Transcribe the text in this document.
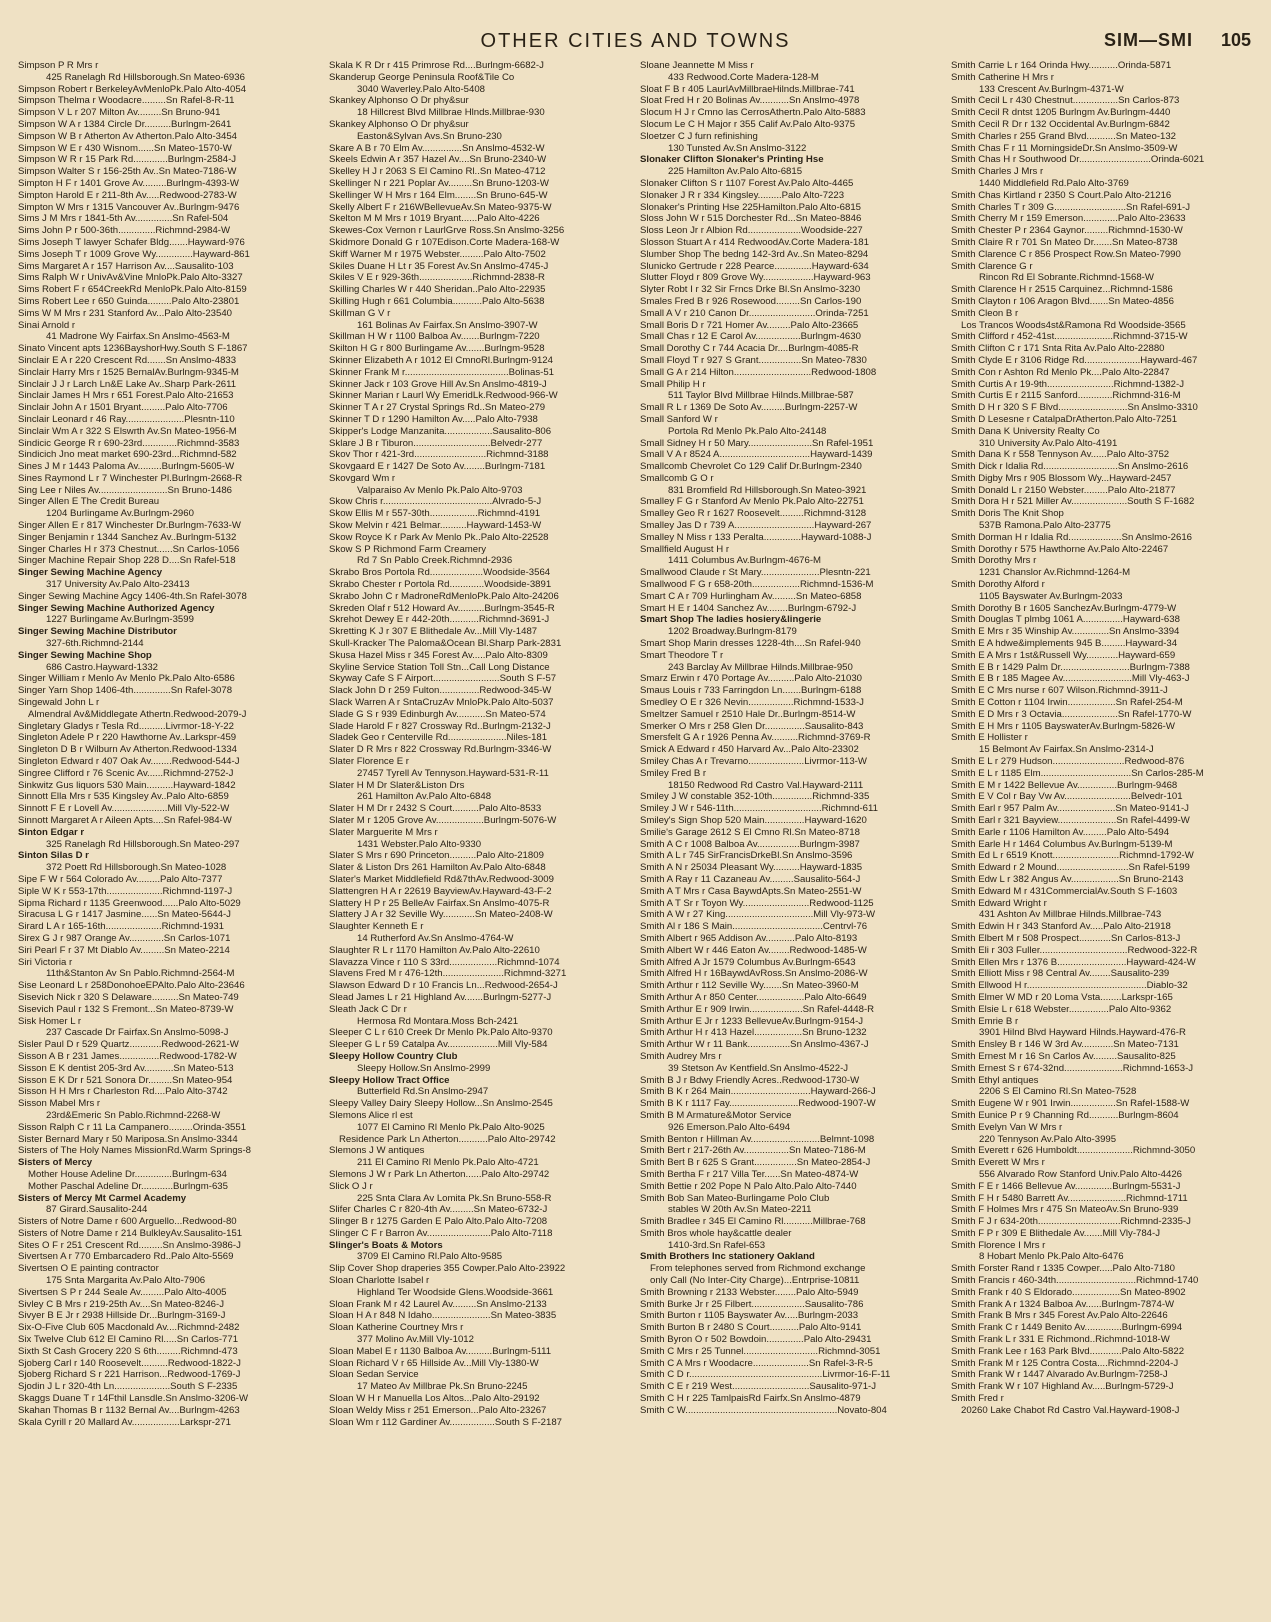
OTHER CITIES AND TOWNS	SIM—SMI 105
Simpson P R Mrs r
425 Ranelagh Rd Hillsborough.Sn Mateo-6936
Simpson Robert r BerkeleyAvMenloPk.Palo Alto-4054
Simpson Thelma r Woodacre.........Sn Rafel-8-R-11
Simpson V L r 207 Milton Av.........Sn Bruno-941
Simpson W A r 1384 Circle Dr..........Burlngm-2641
Simpson W B r Atherton Av Atherton.Palo Alto-3454
Simpson W E r 430 Wisnom......Sn Mateo-1570-W
Simpson W R r 15 Park Rd.............Burlngm-2584-J
Simpson Walter S r 156-25th Av..Sn Mateo-7186-W
Simpton H F r 1401 Grove Av.........Burlngm-4393-W
Simpton Harold E r 211-8th Av.....Redwood-2783-W
Simpton W Mrs r 1315 Vancouver Av..Burlngm-9476
Sims J M Mrs r 1841-5th Av..............Sn Rafel-504
Sims John P r 500-36th..............Richmnd-2984-W
Sims Joseph T lawyer Schafer Bldg.......Hayward-976
Sims Joseph T r 1009 Grove Wy..............Hayward-861
Sims Margaret A r 157 Harrison Av....Sausalito-103
Sims Ralph W r UnivAv&Vine MnloPk.Palo Alto-3327
Sims Robert F r 654CreekRd MenloPk.Palo Alto-8159
Sims Robert Lee r 650 Guinda.........Palo Alto-23801
Sims W M Mrs r 231 Stanford Av...Palo Alto-23540
Sinai Arnold r
41 Madrone Wy Fairfax.Sn Anslmo-4563-M
Sinato Vincent apts 1236BayshorHwy.South S F-1867
Sinclair E A r 220 Crescent Rd.......Sn Anslmo-4833
Sinclair Harry Mrs r 1525 BernalAv.Burlngm-9345-M
Sinclair J J r Larch Ln&E Lake Av..Sharp Park-2611
Sinclair James H Mrs r 651 Forest.Palo Alto-21653
Sinclair John A r 1501 Bryant.........Palo Alto-7706
Sinclair Leonard r 46 Ray......................Plesntn-110
Sinclair Wm A r 322 S Elswrth Av.Sn Mateo-1956-M
Sindicic George R r 690-23rd.............Richmnd-3583
Sindicich Jno meat market 690-23rd...Richmnd-582
Sines J M r 1443 Paloma Av.........Burlngm-5605-W
Sines Raymond L r 7 Winchester Pl.Burlngm-2668-R
Sing Lee r Niles Av..........................Sn Bruno-1486
Singer Allen E The Credit Bureau
1204 Burlingame Av.Burlngm-2960
Singer Allen E r 817 Winchester Dr.Burlngm-7633-W
Singer Benjamin r 1344 Sanchez Av..Burlngm-5132
Singer Charles H r 373 Chestnut......Sn Carlos-1056
Singer Machine Repair Shop 228 D....Sn Rafel-518
Singer Sewing Machine Agency
317 University Av.Palo Alto-23413
Singer Sewing Machine Agcy 1406-4th.Sn Rafel-3078
Singer Sewing Machine Authorized Agency
1227 Burlingame Av.Burlngm-3599
Singer Sewing Machine Distributor
327-6th.Richmnd-2144
Singer Sewing Machine Shop
686 Castro.Hayward-1332
Singer William r Menlo Av Menlo Pk.Palo Alto-6586
Singer Yarn Shop 1406-4th..............Sn Rafel-3078
Singewald John L r
Almendral Av&Middlegate Athertn.Redwood-2079-J
Singletary Gladys r Tesla Rd..........Livrmor-18-Y-22
Singleton Adele P r 220 Hawthorne Av..Larkspr-459
Singleton D B r Wilburn Av Atherton.Redwood-1334
Singleton Edward r 407 Oak Av........Redwood-544-J
Singree Clifford r 76 Scenic Av......Richmnd-2752-J
Sinkwitz Gus liquors 530 Main..........Hayward-1842
Sinnott Ella Mrs r 535 Kingsley Av..Palo Alto-6859
Sinnott F E r Lovell Av.....................Mill Vly-522-W
Sinnott Margaret A r Aileen Apts....Sn Rafel-984-W
Sinton Edgar r
325 Ranelagh Rd Hillsborough.Sn Mateo-297
Sinton Silas D r
372 Poett Rd Hillsborough.Sn Mateo-1028
Sipe F W r 564 Colorado Av.........Palo Alto-7377
Siple W K r 553-17th.....................Richmnd-1197-J
Sipma Richard r 1135 Greenwood......Palo Alto-5029
Siracusa L G r 1417 Jasmine......Sn Mateo-5644-J
Sirard L A r 165-16th.....................Richmnd-1931
Sirex G J r 987 Orange Av.............Sn Carlos-1071
Siri Pearl F r 37 Mt Diablo Av.........Sn Mateo-2214
Siri Victoria r
11th&Stanton Av Sn Pablo.Richmnd-2564-M
Sise Leonard L r 258DonohoeEPAlto.Palo Alto-23646
Sisevich Nick r 320 S Delaware..........Sn Mateo-749
Sisevich Paul r 132 S Fremont...Sn Mateo-8739-W
Sisk Homer L r
237 Cascade Dr Fairfax.Sn Anslmo-5098-J
Sisler Paul D r 529 Quartz............Redwood-2621-W
Sisson A B r 231 James...............Redwood-1782-W
Sisson E K dentist 205-3rd Av...........Sn Mateo-513
Sisson E K Dr r 521 Sonora Dr.........Sn Mateo-954
Sisson H H Mrs r Charleston Rd....Palo Alto-3742
Sisson Mabel Mrs r
23rd&Emeric Sn Pablo.Richmnd-2268-W
Sisson Ralph C r 11 La Campanero.........Orinda-3551
Sister Bernard Mary r 50 Mariposa.Sn Anslmo-3344
Sisters of The Holy Names MissionRd.Warm Springs-8
Sisters of Mercy
Mother House Adeline Dr..............Burlngm-634
Mother Paschal Adeline Dr............Burlngm-635
Sisters of Mercy Mt Carmel Academy
87 Girard.Sausalito-244
Sisters of Notre Dame r 600 Arguello...Redwood-80
Sisters of Notre Dame r 214 BulkleyAv.Sausalito-151
Sites O F r 251 Crescent Rd.........Sn Anslmo-3986-J
Sivertsen A r 770 Embarcadero Rd..Palo Alto-5569
Sivertsen O E painting contractor
175 Snta Margarita Av.Palo Alto-7906
Sivertsen S P r 244 Seale Av.........Palo Alto-4005
Sivley C B Mrs r 219-25th Av....Sn Mateo-8246-J
Sivyer B E Jr r 2938 Hillside Dr...Burlngm-3169-J
Six-O-Five Club 605 Macdonald Av....Richmnd-2482
Six Twelve Club 612 El Camino Rl.....Sn Carlos-771
Sixth St Cash Grocery 220 S 6th.........Richmnd-473
Sjoberg Carl r 140 Roosevelt..........Redwood-1822-J
Sjoberg Richard S r 221 Harrison...Redwood-1769-J
Sjodin J L r 320-4th Ln.....................South S F-2335
Skaggs Duane T r 14Fthil Lansdle.Sn Anslmo-3206-W
Skahan Thomas B r 1132 Bernal Av....Burlngm-4263
Skala Cyrill r 20 Mallard Av..................Larkspr-271
Skala K R Dr r 415 Primrose Rd....Burlngm-6682-J
Skanderup George Peninsula Roof&Tile Co
3040 Waverley.Palo Alto-5408
Skankey Alphonso O Dr phy&sur
18 Hillcrest Blvd Millbrae Hlnds.Millbrae-930
Skankey Alphonso O Dr phy&sur
Easton&Sylvan Avs.Sn Bruno-230
Skare A B r 70 Elm Av...............Sn Anslmo-4532-W
Skeels Edwin A r 357 Hazel Av....Sn Bruno-2340-W
Skelley H J r 2063 S El Camino Rl..Sn Mateo-4712
Skellinger N r 221 Poplar Av.........Sn Bruno-1203-W
Skellinger W H Mrs r 164 Elm........Sn Bruno-645-W
Skelly Albert F r 216WBellevueAv.Sn Mateo-9375-W
Skelton M M Mrs r 1019 Bryant......Palo Alto-4226
Skewes-Cox Vernon r LaurlGrve Ross.Sn Anslmo-3256
Skidmore Donald G r 107Edison.Corte Madera-168-W
Skiff Warner M r 1975 Webster.........Palo Alto-7502
Skiles Duane H Lt r 35 Forest Av.Sn Anslmo-4745-J
Skiles V E r 929-36th....................Richmnd-2838-R
Skilling Charles W r 440 Sheridan..Palo Alto-22935
Skilling Hugh r 661 Columbia...........Palo Alto-5638
Skillman G V r
161 Bolinas Av Fairfax.Sn Anslmo-3907-W
Skillman H W r 1100 Balboa Av.......Burlngm-7220
Skilton H G r 800 Burlingame Av.......Burlngm-9528
Skinner Elizabeth A r 1012 El CmnoRl.Burlngm-9124
Skinner Frank M r.......................................Bolinas-51
Skinner Jack r 103 Grove Hill Av.Sn Anslmo-4819-J
Skinner Marian r Laurl Wy EmeridLk.Redwood-966-W
Skinner T A r 27 Crystal Springs Rd..Sn Mateo-279
Skinner T D r 1290 Hamilton Av.....Palo Alto-7938
Skipper's Lodge Manzanita..................Sausalito-806
Sklare J B r Tiburon.............................Belvedr-277
Skov Thor r 421-3rd...........................Richmnd-3188
Skovgaard E r 1427 De Soto Av........Burlngm-7181
Skovgard Wm r
Valparaiso Av Menlo Pk.Palo Alto-9703
Skow Chris r.........................................Alvrado-5-J
Skow Ellis M r 557-30th..................Richmnd-4191
Skow Melvin r 421 Belmar..........Hayward-1453-W
Skow Royce K r Park Av Menlo Pk..Palo Alto-22528
Skow S P Richmond Farm Creamery
Rd 7 Sn Pablo Creek.Richmnd-2936
Skrabo Bros Portola Rd....................Woodside-3564
Skrabo Chester r Portola Rd.............Woodside-3891
Skrabo John C r MadroneRdMenloPk.Palo Alto-24206
Skreden Olaf r 512 Howard Av..........Burlngm-3545-R
Skrehot Dewey E r 442-20th...........Richmnd-3691-J
Skretting K J r 307 E Blithedale Av...Mill Vly-1487
Skull-Kracker The Paloma&Ocean Bl.Sharp Park-2831
Skusa Hazel Miss r 345 Forest Av.....Palo Alto-8309
Skyline Service Station Toll Stn...Call Long Distance
Skyway Cafe S F Airport.........................South S F-57
Slack John D r 259 Fulton...............Redwood-345-W
Slack Warren A r SntaCruzAv MnloPk.Palo Alto-5037
Slade G S r 939 Edinburgh Av...........Sn Mateo-574
Slade Harold F r 827 Crossway Rd..Burlngm-2132-J
Sladek Geo r Centerville Rd......................Niles-181
Slater D R Mrs r 822 Crossway Rd.Burlngm-3346-W
Slater Florence E r
27457 Tyrell Av Tennyson.Hayward-531-R-11
Slater H M Dr Slater&Liston Drs
261 Hamilton Av.Palo Alto-6848
Slater H M Dr r 2432 S Court..........Palo Alto-8533
Slater M r 1205 Grove Av..................Burlngm-5076-W
Slater Marguerite M Mrs r
1431 Webster.Palo Alto-9330
Slater S Mrs r 690 Princeton..........Palo Alto-21809
Slater & Liston Drs 261 Hamilton Av.Palo Alto-6848
Slater's Market Middlefield Rd&7thAv.Redwood-3009
Slattengren H A r 22619 BayviewAv.Hayward-43-F-2
Slattery H P r 25 BelleAv Fairfax.Sn Anslmo-4075-R
Slattery J A r 32 Seville Wy............Sn Mateo-2408-W
Slaughter Kenneth E r
14 Rutherford Av.Sn Anslmo-4764-W
Slaughter R L r 1170 Hamilton Av.Palo Alto-22610
Slavazza Vince r 110 S 33rd..................Richmnd-1074
Slavens Fred M r 476-12th.......................Richmnd-3271
Slawson Edward D r 10 Francis Ln...Redwood-2654-J
Slead James L r 21 Highland Av.......Burlngm-5277-J
Sleath Jack C Dr r
Hermosa Rd Montara.Moss Bch-2421
Sleeper C L r 610 Creek Dr Menlo Pk.Palo Alto-9370
Sleeper G L r 59 Catalpa Av...................Mill Vly-584
Sleepy Hollow Country Club
Sleepy Hollow.Sn Anslmo-2999
Sleepy Hollow Tract Office
Butterfield Rd.Sn Anslmo-2947
Sleepy Valley Dairy Sleepy Hollow...Sn Anslmo-2545
Slemons Alice rl est
1077 El Camino Rl Menlo Pk.Palo Alto-9025
Residence Park Ln Atherton...........Palo Alto-29742
Slemons J W antiques
211 El Camino Rl Menlo Pk.Palo Alto-4721
Slemons J W r Park Ln Atherton......Palo Alto-29742
Slick O J r
225 Snta Clara Av Lomita Pk.Sn Bruno-558-R
Slifer Charles C r 820-4th Av.........Sn Mateo-6732-J
Slinger B r 1275 Garden E Palo Alto.Palo Alto-7208
Slinger C F r Barron Av........................Palo Alto-7118
Slinger's Boats & Motors
3709 El Camino Rl.Palo Alto-9585
Slip Cover Shop draperies 355 Cowper.Palo Alto-23922
Sloan Charlotte Isabel r
Highland Ter Woodside Glens.Woodside-3661
Sloan Frank M r 42 Laurel Av.........Sn Anslmo-2133
Sloan H A r 848 N Idaho......................Sn Mateo-3835
Sloan Katherine Courtney Mrs r
377 Molino Av.Mill Vly-1012
Sloan Mabel E r 1130 Balboa Av..........Burlngm-5111
Sloan Richard V r 65 Hillside Av...Mill Vly-1380-W
Sloan Sedan Service
17 Mateo Av Millbrae Pk.Sn Bruno-2245
Sloan W H r Manuella Los Altos...Palo Alto-29192
Sloan Weldy Miss r 251 Emerson...Palo Alto-23267
Sloan Wm r 112 Gardiner Av.................South S F-2187
Sloane Jeannette M Miss r
433 Redwood.Corte Madera-128-M
Sloat F B r 405 LaurlAvMillbraeHilnds.Millbrae-741
Sloat Fred H r 20 Bolinas Av...........Sn Anslmo-4978
Slocum H J r Cmno las CerrosAthertn.Palo Alto-5883
Slocum Le C H Major r 355 Calif Av.Palo Alto-9375
Sloetzer C J furn refinishing
130 Tunsted Av.Sn Anslmo-3122
Slonaker Clifton Slonaker's Printing Hse
225 Hamilton Av.Palo Alto-6815
Slonaker Clifton S r 1107 Forest Av.Palo Alto-4465
Slonaker J R r 334 Kingsley.........Palo Alto-7223
Slonaker's Printing Hse 225Hamilton.Palo Alto-6815
Sloss John W r 515 Dorchester Rd...Sn Mateo-8846
Sloss Leon Jr r Albion Rd....................Woodside-227
Slosson Stuart A r 414 RedwoodAv.Corte Madera-181
Slumber Shop The bedng 142-3rd Av..Sn Mateo-8294
Slunicko Gertrude r 228 Pearce..............Hayward-634
Slutter Floyd r 809 Grove Wy...................Hayward-963
Slyter Robt I r 32 Sir Frncs Drke Bl.Sn Anslmo-3230
Smales Fred B r 926 Rosewood.........Sn Carlos-190
Small A V r 210 Canon Dr.........................Orinda-7251
Small Boris D r 721 Homer Av.........Palo Alto-23665
Small Chas r 12 E Carol Av.................Burlngm-4630
Small Dorothy C r 744 Acacia Dr....Burlngm-4085-R
Small Floyd T r 927 S Grant................Sn Mateo-7830
Small G A r 214 Hilton.............................Redwood-1808
Small Philip H r
511 Taylor Blvd Millbrae Hilnds.Millbrae-587
Small R L r 1369 De Soto Av.........Burlngm-2257-W
Small Sanford W r
Portola Rd Menlo Pk.Palo Alto-24148
Small Sidney H r 50 Mary........................Sn Rafel-1951
Small V A r 8524 A..................................Hayward-1439
Smallcomb Chevrolet Co 129 Calif Dr.Burlngm-2340
Smallcomb G O r
831 Bromfield Rd Hillsborough.Sn Mateo-3921
Smalley F G r Stanford Av Menlo Pk.Palo Alto-22751
Smalley Geo R r 1627 Roosevelt.........Richmnd-3128
Smalley Jas D r 739 A..............................Hayward-267
Smalley N Miss r 133 Peralta..............Hayward-1088-J
Smallfield August H r
1411 Columbus Av.Burlngm-4676-M
Smallwood Claude r St Mary......................Plesntn-221
Smallwood F G r 658-20th..................Richmnd-1536-M
Smart C A r 709 Hurlingham Av.........Sn Mateo-6858
Smart H E r 1404 Sanchez Av........Burlngm-6792-J
Smart Shop The ladies hosiery&lingerie
1202 Broadway.Burlngm-8179
Smart Shop Marin dresses 1228-4th....Sn Rafel-940
Smart Theodore T r
243 Barclay Av Millbrae Hilnds.Millbrae-950
Smarz Erwin r 470 Portage Av..........Palo Alto-21030
Smaus Louis r 733 Farringdon Ln.......Burlngm-6188
Smedley O E r 326 Nevin.................Richmnd-1533-J
Smeltzer Samuel r 2510 Hale Dr..Burlngm-8514-W
Smerker O Mrs r 258 Glen Dr...............Sausalito-843
Smersfelt G A r 1926 Penna Av..........Richmnd-3769-R
Smick A Edward r 450 Harvard Av...Palo Alto-23302
Smiley Chas A r Trevarno.....................Livrmor-113-W
Smiley Fred B r
18150 Redwood Rd Castro Val.Hayward-2111
Smiley J W constable 352-10th...............Richmnd-335
Smiley J W r 546-11th.................................Richmnd-611
Smiley's Sign Shop 520 Main...............Hayward-1620
Smilie's Garage 2612 S El Cmno Rl.Sn Mateo-8718
Smith A C r 1008 Balboa Av................Burlngm-3987
Smith A L r 745 SirFrancisDrkeBl.Sn Anslmo-3596
Smith A N r 25034 Pleasant Wy..........Hayward-1835
Smith A Ray r 11 Cazaneau Av.........Sausalito-564-J
Smith A T Mrs r Casa BaywdApts.Sn Mateo-2551-W
Smith A T Sr r Toyon Wy.........................Redwood-1125
Smith A W r 27 King.................................Mill Vly-973-W
Smith Al r 186 S Main..................................Centrvl-76
Smith Albert r 965 Addison Av...........Palo Alto-8193
Smith Albert W r 446 Eaton Av........Redwood-1485-W
Smith Alfred A Jr 1579 Columbus Av.Burlngm-6543
Smith Alfred H r 16BaywdAvRoss.Sn Anslmo-2086-W
Smith Arthur r 112 Seville Wy.......Sn Mateo-3960-M
Smith Arthur A r 850 Center..................Palo Alto-6649
Smith Arthur E r 909 Irwin....................Sn Rafel-4448-R
Smith Arthur E Jr r 1233 BellevueAv.Burlngm-9154-J
Smith Arthur H r 413 Hazel..................Sn Bruno-1232
Smith Arthur W r 11 Bank................Sn Anslmo-4367-J
Smith Audrey Mrs r
39 Stetson Av Kentfield.Sn Anslmo-4522-J
Smith B J r Bdwy Friendly Acres..Redwood-1730-W
Smith B K r 264 Main..............................Hayward-266-J
Smith B K r 1117 Fay..........................Redwood-1907-W
Smith B M Armature&Motor Service
926 Emerson.Palo Alto-6494
Smith Benton r Hillman Av..........................Belmnt-1098
Smith Bert r 217-26th Av.................Sn Mateo-7186-M
Smith Bert B r 625 S Grant................Sn Mateo-2854-J
Smith Bertha F r 217 Villa Ter......Sn Mateo-4874-W
Smith Bettie r 202 Pope N Palo Alto.Palo Alto-7440
Smith Bob San Mateo-Burlingame Polo Club
stables W 20th Av.Sn Mateo-2211
Smith Bradlee r 345 El Camino Rl...........Millbrae-768
Smith Bros whole hay&cattle dealer
1410-3rd.Sn Rafel-653
Smith Brothers Inc stationery Oakland
From telephones served from Richmond exchange
only Call (No Inter-City Charge)...Entrprise-10811
Smith Browning r 2133 Webster........Palo Alto-5949
Smith Burke Jr r 25 Filbert....................Sausalito-786
Smith Burton r 1105 Bayswater Av.....Burlngm-2033
Smith Burton B r 2480 S Court...........Palo Alto-9141
Smith Byron O r 502 Bowdoin..............Palo Alto-29431
Smith C Mrs r 25 Tunnel............................Richmnd-3051
Smith C A Mrs r Woodacre.....................Sn Rafel-3-R-5
Smith C D r..................................................Livrmor-16-F-11
Smith C E r 219 West.............................Sausalito-971-J
Smith C H r 225 TamlpaisRd Fairfx.Sn Anslmo-4879
Smith C W.........................................................Novato-804
Smith Carrie L r 164 Orinda Hwy...........Orinda-5871
Smith Catherine H Mrs r
133 Crescent Av.Burlngm-4371-W
Smith Cecil L r 430 Chestnut.................Sn Carlos-873
Smith Cecil R dntst 1205 Burlngm Av.Burlngm-4440
Smith Cecil R Dr r 132 Occidental Av.Burlngm-6842
Smith Charles r 255 Grand Blvd...........Sn Mateo-132
Smith Chas F r 11 MorningsideDr.Sn Anslmo-3509-W
Smith Chas H r Southwood Dr...........................Orinda-6021
Smith Charles J Mrs r
1440 Middlefield Rd.Palo Alto-3769
Smith Chas Kirtland r 2350 S Court.Palo Alto-21216
Smith Charles T r 309 G...........................Sn Rafel-691-J
Smith Cherry M r 159 Emerson.............Palo Alto-23633
Smith Chester P r 2364 Gaynor.........Richmnd-1530-W
Smith Claire R r 701 Sn Mateo Dr.......Sn Mateo-8738
Smith Clarence C r 856 Prospect Row.Sn Mateo-7990
Smith Clarence G r
Rincon Rd El Sobrante.Richmnd-1568-W
Smith Clarence H r 2515 Carquinez...Richmnd-1586
Smith Clayton r 106 Aragon Blvd.......Sn Mateo-4856
Smith Cleon B r
Los Trancos Woods4st&Ramona Rd Woodside-3565
Smith Clifford r 452-41st......................Richmnd-3715-W
Smith Clifton C r 171 Snta Rita Av.Palo Alto-22880
Smith Clyde E r 3106 Ridge Rd.....................Hayward-467
Smith Con r Ashton Rd Menlo Pk....Palo Alto-22847
Smith Curtis A r 19-9th.........................Richmnd-1382-J
Smith Curtis E r 2115 Sanford.............Richmnd-316-M
Smith D H r 320 S F Blvd..........................Sn Anslmo-3310
Smith D Lesesne r CatalpaDrAtherton.Palo Alto-7251
Smith Dana K University Realty Co
310 University Av.Palo Alto-4191
Smith Dana K r 558 Tennyson Av......Palo Alto-3752
Smith Dick r Idalia Rd............................Sn Anslmo-2616
Smith Digby Mrs r 905 Blossom Wy...Hayward-2457
Smith Donald L r 2150 Webster.........Palo Alto-21877
Smith Dora H r 521 Miller Av.....................South S F-1682
Smith Doris The Knit Shop
537B Ramona.Palo Alto-23775
Smith Dorman H r Idalia Rd....................Sn Anslmo-2616
Smith Dorothy r 575 Hawthorne Av.Palo Alto-22467
Smith Dorothy Mrs r
1231 Chanslor Av.Richmnd-1264-M
Smith Dorothy Alford r
1105 Bayswater Av.Burlngm-2033
Smith Dorothy B r 1605 SanchezAv.Burlngm-4779-W
Smith Douglas T plmbg 1061 A...............Hayward-638
Smith E Mrs r 35 Winship Av..............Sn Anslmo-3394
Smith E A hdwe&implements 945 B.........Hayward-34
Smith E A Mrs r 1st&Russell Wy............Hayward-659
Smith E B r 1429 Palm Dr..........................Burlngm-7388
Smith E B r 185 Magee Av..........................Mill Vly-463-J
Smith E C Mrs nurse r 607 Wilson.Richmnd-3911-J
Smith E Cotton r 1104 Irwin..................Sn Rafel-254-M
Smith E D Mrs r 3 Octavia.....................Sn Rafel-1770-W
Smith E H Mrs r 1105 BayswaterAv.Burlngm-5826-W
Smith E Hollister r
15 Belmont Av Fairfax.Sn Anslmo-2314-J
Smith E L r 279 Hudson...........................Redwood-876
Smith E L r 1185 Elm..................................Sn Carlos-285-M
Smith E M r 1422 Bellevue Av...............Burlngm-9468
Smith E V Col r Bay Vw Av.........................Belvedr-101
Smith Earl r 957 Palm Av......................Sn Mateo-9141-J
Smith Earl r 321 Bayview......................Sn Rafel-4499-W
Smith Earle r 1106 Hamilton Av.........Palo Alto-5494
Smith Earle H r 1464 Columbus Av.Burlngm-5139-M
Smith Ed L r 6519 Knott.........................Richmnd-1792-W
Smith Edward r 2 Mound...........................Sn Rafel-5199
Smith Edw L r 382 Angus Av..................Sn Bruno-2143
Smith Edward M r 431CommercialAv.South S F-1603
Smith Edward Wright r
431 Ashton Av Millbrae Hilnds.Millbrae-743
Smith Edwin H r 343 Stanford Av.....Palo Alto-21918
Smith Elbert M r 508 Prospect............Sn Carlos-813-J
Smith Eli r 303 Fuller.................................Redwood-322-R
Smith Ellen Mrs r 1376 B..........................Hayward-424-W
Smith Elliott Miss r 98 Central Av........Sausalito-239
Smith Ellwood H r.............................................Diablo-32
Smith Elmer W MD r 20 Loma Vsta........Larkspr-165
Smith Elsie L r 618 Webster...............Palo Alto-9362
Smith Emrie B r
3901 Hilnd Blvd Hayward Hilnds.Hayward-476-R
Smith Ensley B r 146 W 3rd Av............Sn Mateo-7131
Smith Ernest M r 16 Sn Carlos Av.........Sausalito-825
Smith Ernest S r 674-32nd......................Richmnd-1653-J
Smith Ethyl antiques
2206 S El Camino Rl.Sn Mateo-7528
Smith Eugene W r 901 Irwin.................Sn Rafel-1588-W
Smith Eunice P r 9 Channing Rd...........Burlngm-8604
Smith Evelyn Van W Mrs r
220 Tennyson Av.Palo Alto-3995
Smith Everett r 626 Humboldt.....................Richmnd-3050
Smith Everett W Mrs r
556 Alvarado Row Stanford Univ.Palo Alto-4426
Smith F E r 1466 Bellevue Av..............Burlngm-5531-J
Smith F H r 5480 Barrett Av......................Richmnd-1711
Smith F Holmes Mrs r 475 Sn MateoAv.Sn Bruno-939
Smith F J r 634-20th...............................Richmnd-2335-J
Smith F P r 309 E Blithedale Av.......Mill Vly-784-J
Smith Florence I Mrs r
8 Hobart Menlo Pk.Palo Alto-6476
Smith Forster Rand r 1335 Cowper.....Palo Alto-7180
Smith Francis r 460-34th..............................Richmnd-1740
Smith Frank r 40 S Eldorado..................Sn Mateo-8902
Smith Frank A r 1324 Balboa Av......Burlngm-7874-W
Smith Frank B Mrs r 345 Forest Av.Palo Alto-22646
Smith Frank C r 1449 Benito Av..............Burlngm-6994
Smith Frank L r 331 E Richmond..Richmnd-1018-W
Smith Frank Lee r 163 Park Blvd............Palo Alto-5822
Smith Frank M r 125 Contra Costa....Richmnd-2204-J
Smith Frank W r 1447 Alvarado Av.Burlngm-7258-J
Smith Frank W r 107 Highland Av.....Burlngm-5729-J
Smith Fred r
20260 Lake Chabot Rd Castro Val.Hayward-1908-J
